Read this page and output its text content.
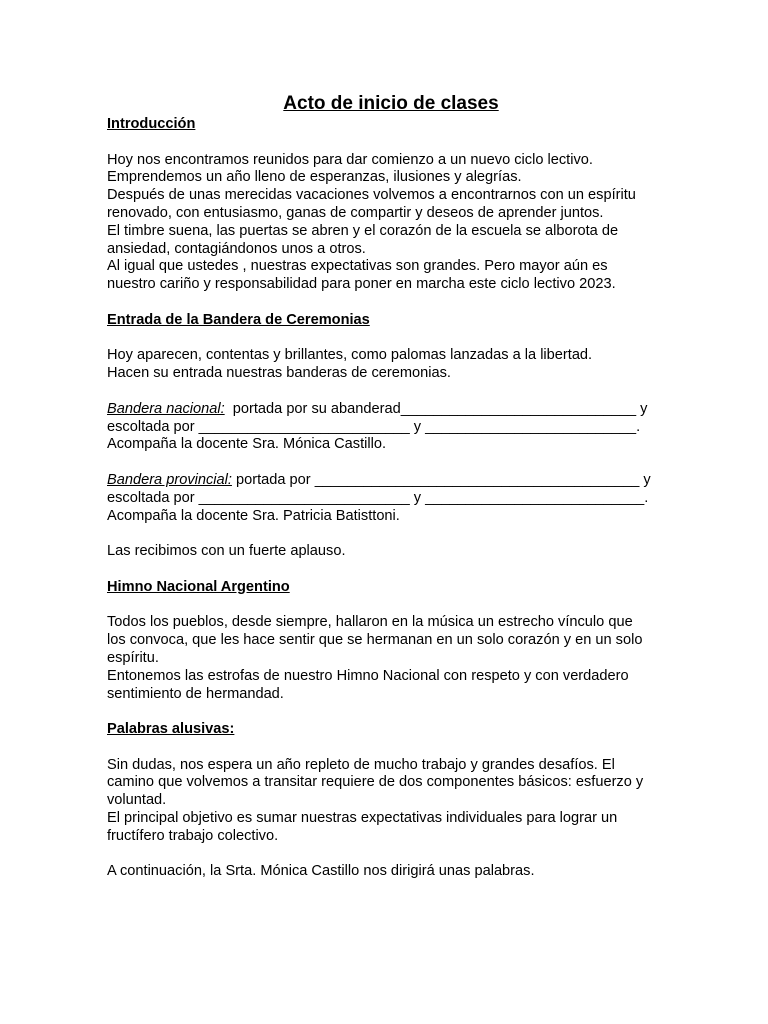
Acto de inicio de clases

Introducción

Hoy nos encontramos reunidos para dar comienzo a un nuevo ciclo lectivo.

Emprendemos un año lleno de esperanzas, ilusiones y alegrías.

Después de unas merecidas vacaciones volvemos a encontrarnos con un espíritu

renovado, con entusiasmo, ganas de compartir y deseos de aprender juntos.

El timbre suena, las puertas se abren y el corazón de la escuela se alborota de

ansiedad, contagiándonos unos a otros.

Al igual que ustedes , nuestras expectativas son grandes. Pero mayor aún es

nuestro cariño y responsabilidad para poner en marcha este ciclo lectivo 2023.

Entrada de la Bandera de Ceremonias

Hoy aparecen, contentas y brillantes, como palomas lanzadas a la libertad.

Hacen su entrada nuestras banderas de ceremonias.

Bandera nacional:  portada por su abanderad_____________________________ y

escoltada por __________________________ y __________________________.

Acompaña la docente Sra. Mónica Castillo.

Bandera provincial: portada por ________________________________________ y

escoltada por __________________________ y ___________________________.

Acompaña la docente Sra. Patricia Batisttoni.

Las recibimos con un fuerte aplauso.

Himno Nacional Argentino

Todos los pueblos, desde siempre, hallaron en la música un estrecho vínculo que

los convoca, que les hace sentir que se hermanan en un solo corazón y en un solo

espíritu.

Entonemos las estrofas de nuestro Himno Nacional con respeto y con verdadero

sentimiento de hermandad.

Palabras alusivas:

Sin dudas, nos espera un año repleto de mucho trabajo y grandes desafíos. El

camino que volvemos a transitar requiere de dos componentes básicos: esfuerzo y

voluntad.

El principal objetivo es sumar nuestras expectativas individuales para lograr un

fructífero trabajo colectivo.

A continuación, la Srta. Mónica Castillo nos dirigirá unas palabras.
